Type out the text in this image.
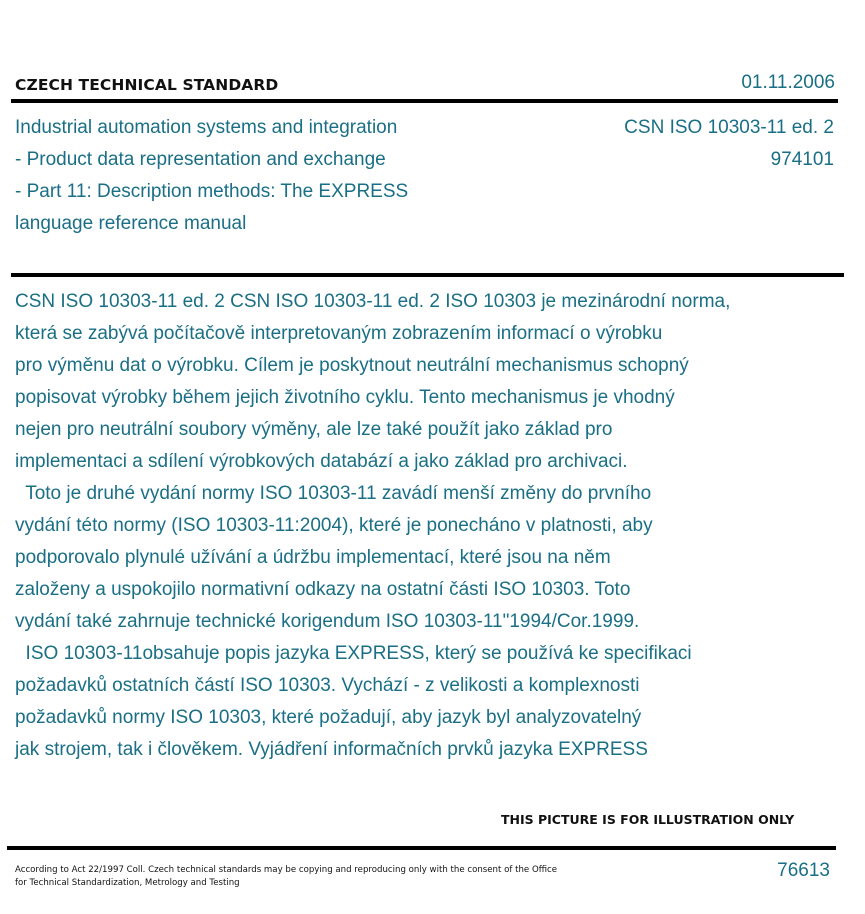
CZECH TECHNICAL STANDARD	01.11.2006
Industrial automation systems and integration
- Product data representation and exchange
- Part 11: Description methods: The EXPRESS
language reference manual
CSN ISO 10303-11 ed. 2
974101
CSN ISO 10303-11 ed. 2 CSN ISO 10303-11 ed. 2 ISO 10303 je mezinárodní norma,
která se zabývá počítačově interpretovaným zobrazením informací o výrobku
pro výměnu dat o výrobku. Cílem je poskytnout neutrální mechanismus schopný
popisovat výrobky během jejich životního cyklu. Tento mechanismus je vhodný
nejen pro neutrální soubory výměny, ale lze také použít jako základ pro
implementaci a sdílení výrobkových databází a jako základ pro archivaci.
Toto je druhé vydání normy ISO 10303-11 zavádí menší změny do prvního
vydání této normy (ISO 10303-11:2004), které je ponecháno v platnosti, aby
podporovalo plynulé užívání a údržbu implementací, které jsou na něm
založeny a uspokojilo normativní odkazy na ostatní části ISO 10303. Toto
vydání také zahrnuje technické korigendum ISO 10303-11"1994/Cor.1999.
ISO 10303-11obsahuje popis jazyka EXPRESS, který se používá ke specifikaci
požadavků ostatních částí ISO 10303. Vychází - z velikosti a komplexnosti
požadavků normy ISO 10303, které požadují, aby jazyk byl analyzovatelný
jak strojem, tak i člověkem. Vyjádření informačních prvků jazyka EXPRESS
THIS PICTURE IS FOR ILLUSTRATION ONLY
According to Act 22/1997 Coll. Czech technical standards may be copying and reproducing only with the consent of the Office
for Technical Standardization, Metrology and Testing
76613
